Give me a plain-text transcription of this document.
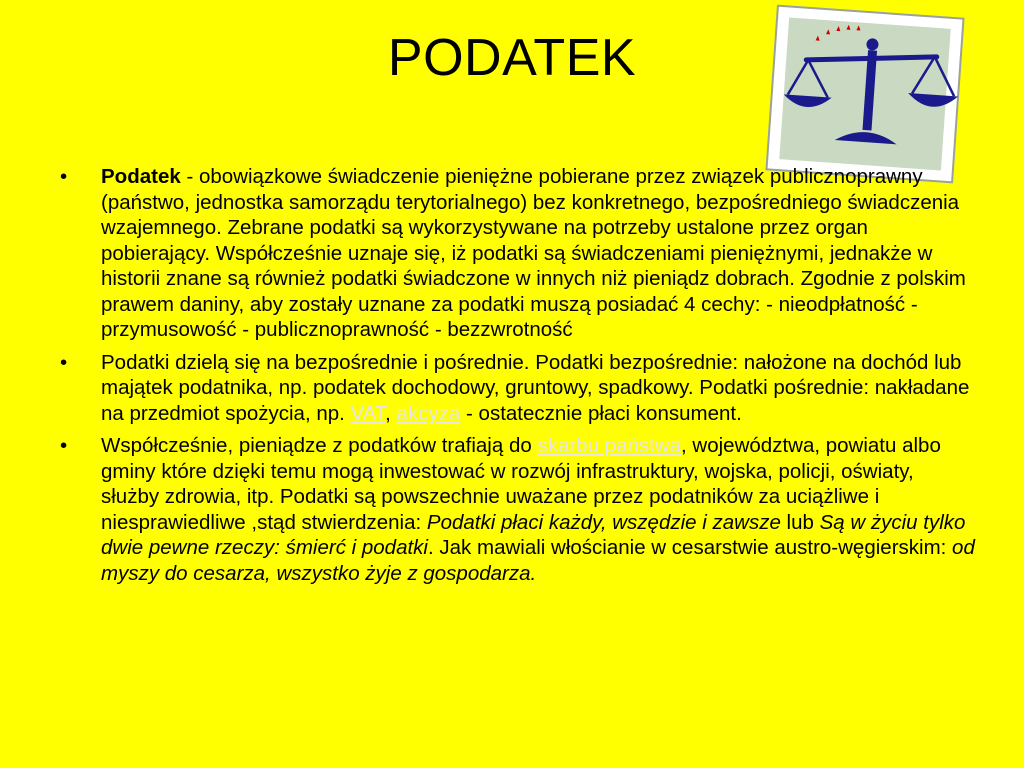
PODATEK
•	Podatek - obowiązkowe świadczenie pieniężne pobierane przez związek publicznoprawny (państwo, jednostka samorządu terytorialnego) bez konkretnego, bezpośredniego świadczenia wzajemnego. Zebrane podatki są wykorzystywane na potrzeby ustalone przez organ pobierający. Współcześnie uznaje się, iż podatki są świadczeniami pieniężnymi, jednakże w historii znane są również podatki świadczone w innych niż pieniądz dobrach. Zgodnie z polskim prawem daniny, aby zostały uznane za podatki muszą posiadać 4 cechy: - nieodpłatność - przymusowość - publicznoprawność - bezzwrotność
•	Podatki dzielą się na bezpośrednie i pośrednie. Podatki bezpośrednie: nałożone na dochód lub majątek podatnika, np. podatek dochodowy, gruntowy, spadkowy. Podatki pośrednie: nakładane na przedmiot spożycia, np. VAT, akcyza - ostatecznie płaci konsument.
•	Współcześnie, pieniądze z podatków trafiają do skarbu państwa, województwa, powiatu albo gminy które dzięki temu mogą inwestować w rozwój infrastruktury, wojska, policji, oświaty, służby zdrowia, itp. Podatki są powszechnie uważane przez podatników za uciążliwe i niesprawiedliwe ,stąd stwierdzenia: Podatki płaci każdy, wszędzie i zawsze lub Są w życiu tylko dwie pewne rzeczy: śmierć i podatki. Jak mawiali włościanie w cesarstwie austro-węgierskim: od myszy do cesarza, wszystko żyje z gospodarza.
